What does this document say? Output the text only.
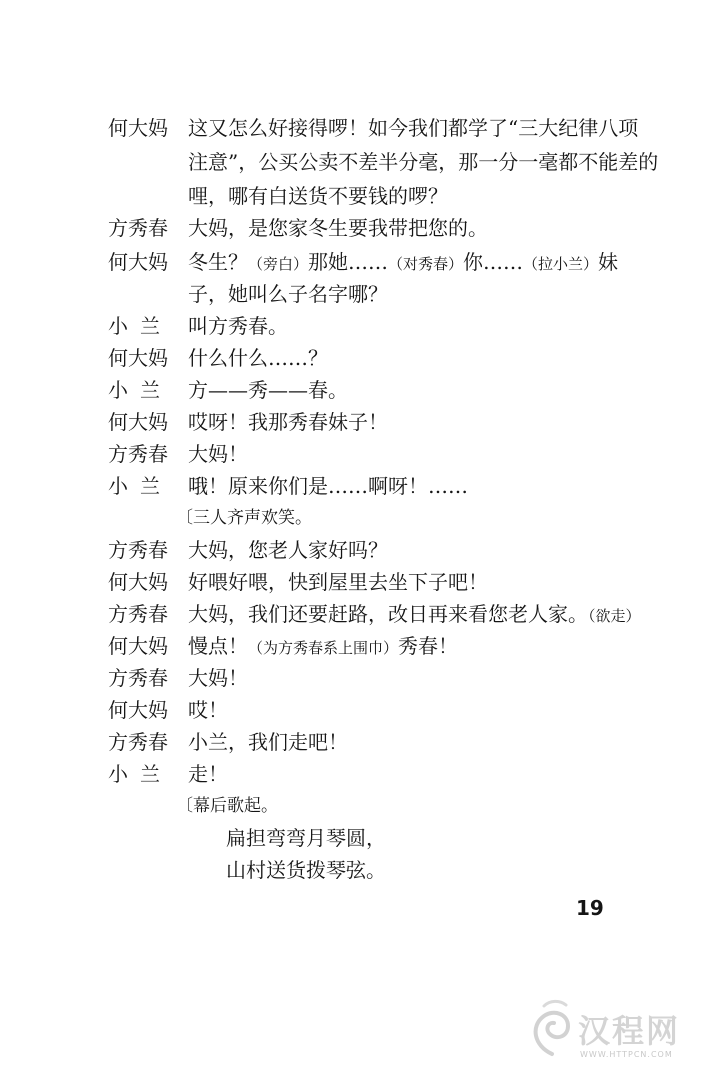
何大妈 这又怎么好接得啰！如今我们都学了“三大纪律八项
注意”，公买公卖不差半分毫，那一分一毫都不能差的
哩，哪有白送货不要钱的啰？
方秀春 大妈，是您家冬生要我带把您的。
何大妈 冬生？（旁白）那她……（对秀春）你……（拉小兰）妹
子，她叫么子名字哪？
小兰 叫方秀春。
何大妈 什么什么……？
小兰 方——秀——春。
何大妈 哎呀！我那秀春妹子！
方秀春 大妈！
小兰 哦！原来你们是……啊呀！……
〔三人齐声欢笑。
方秀春 大妈，您老人家好吗？
何大妈 好喂好喂，快到屋里去坐下子吧！
方秀春 大妈，我们还要赶路，改日再来看您老人家。（欲走）
何大妈 慢点！（为方秀春系上围巾）秀春！
方秀春 大妈！
何大妈 哎！
方秀春 小兰，我们走吧！
小兰 走！
〔幕后歌起。
扁担弯弯月琴圆，
山村送货拨琴弦。
19
汉程网
WWW.HTTPCN.COM
